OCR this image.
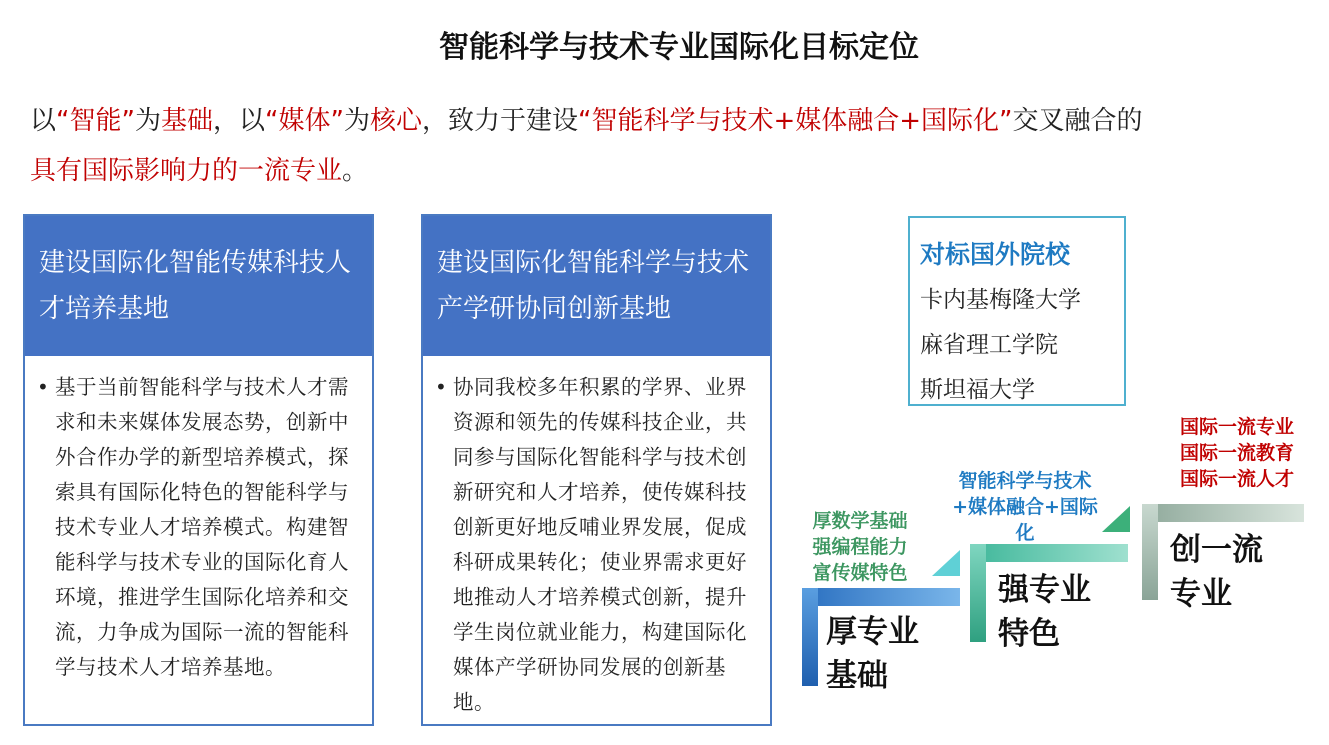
智能科学与技术专业国际化目标定位
以“智能”为基础，以“媒体”为核心，致力于建设“智能科学与技术+媒体融合+国际化”交叉融合的
具有国际影响力的一流专业。
建设国际化智能传媒科技人才培养基地
• 基于当前智能科学与技术人才需求和未来媒体发展态势，创新中外合作办学的新型培养模式，探索具有国际化特色的智能科学与技术专业人才培养模式。构建智能科学与技术专业的国际化育人环境，推进学生国际化培养和交流，力争成为国际一流的智能科学与技术人才培养基地。
建设国际化智能科学与技术产学研协同创新基地
• 协同我校多年积累的学界、业界资源和领先的传媒科技企业，共同参与国际化智能科学与技术创新研究和人才培养，使传媒科技创新更好地反哺业界发展，促成科研成果转化；使业界需求更好地推动人才培养模式创新，提升学生岗位就业能力，构建国际化媒体产学研协同发展的创新基地。
对标国外院校
卡内基梅隆大学
麻省理工学院
斯坦福大学
厚数学基础
强编程能力
富传媒特色
厚专业
基础
智能科学与技术
+媒体融合+国际
化
强专业
特色
国际一流专业
国际一流教育
国际一流人才
创一流
专业
